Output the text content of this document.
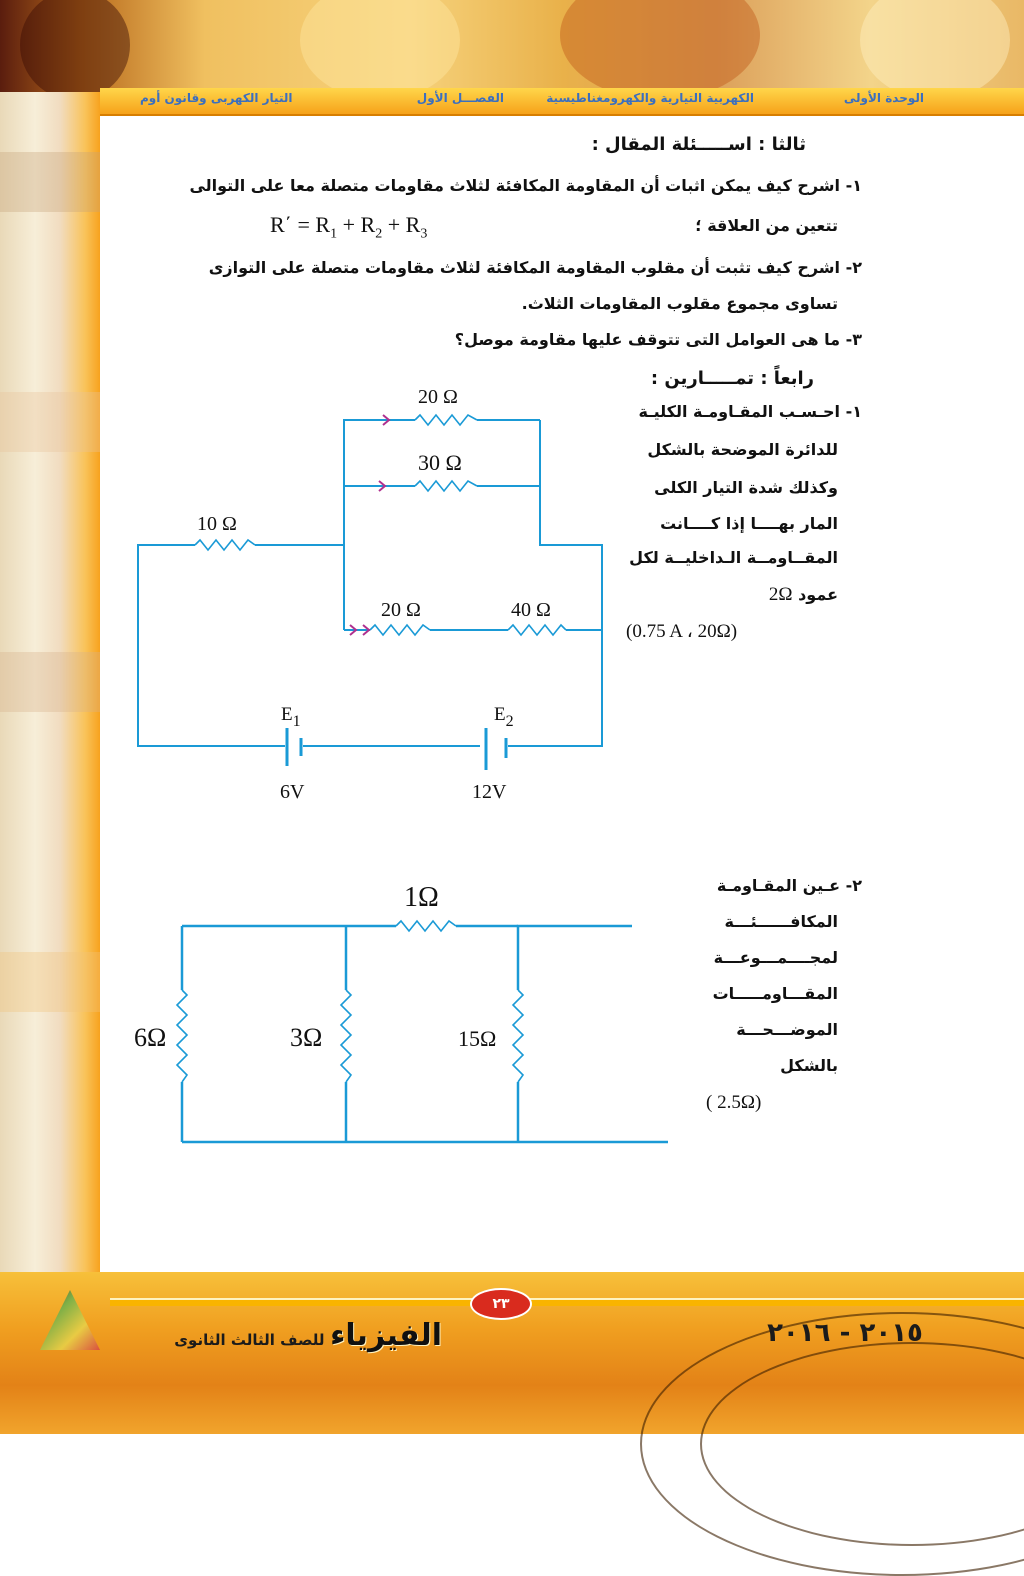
الوحدة الأولى
الكهربية التيارية والكهرومغناطيسية
الفصـــل الأول
التيار الكهربى وقانون أوم
ثالثا : اســـــئلة المقال :
١- اشرح كيف يمكن اثبات أن المقاومة المكافئة لثلاث مقاومات متصلة معا على التوالى
تتعين من العلاقة ؛
$R΄ = R_1 + R_2 + R_3$
٢- اشرح كيف تثبت أن مقلوب المقاومة المكافئة لثلاث مقاومات متصلة على التوازى
تساوى مجموع مقلوب المقاومات الثلاث.
٣- ما هى العوامل التى تتوقف عليها مقاومة موصل؟
رابعاً : تمـــــارين :
١- احـسـب المقـاومـة الكليـة
للدائرة الموضحة بالشكل
وكذلك شدة التيار الكلى
المار بهــــا إذا كــــانت
المقــاومــة الـداخليــة لكل
عمود 2Ω
(0.75 A ، 20Ω)
٢- عـين المقـاومـة
المكافــــــئـــة
لمجــــمـــوعـــة
المقـــاومـــــات
الموضـــحـــة
بالشكل
( 2.5Ω)
20 Ω
30 Ω
10 Ω
20 Ω	40 Ω
$E_1$	$E_2$
6V	12V
1Ω
6Ω	3Ω	15Ω
٢٣
الفيزياء للصف الثالث الثانوى	٢٠١٥ - ٢٠١٦
